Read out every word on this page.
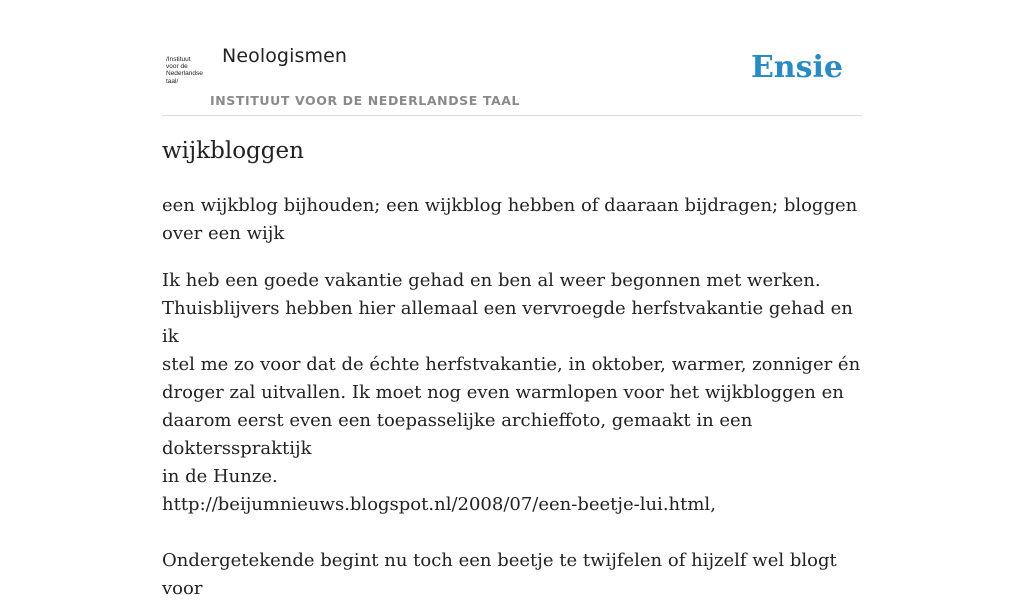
/Instituut
voor de
Nederlandse
taal/
Neologismen
INSTITUUT VOOR DE NEDERLANDSE TAAL
Ensie
wijkbloggen

een wijkblog bijhouden; een wijkblog hebben of daaraan bijdragen; bloggen over een wijk

Ik heb een goede vakantie gehad en ben al weer begonnen met werken.
Thuisblijvers hebben hier allemaal een vervroegde herfstvakantie gehad en ik
stel me zo voor dat de échte herfstvakantie, in oktober, warmer, zonniger én
droger zal uitvallen. Ik moet nog even warmlopen voor het wijkbloggen en
daarom eerst even een toepasselijke archieffoto, gemaakt in een doktersspraktijk
in de Hunze.
http://beijumnieuws.blogspot.nl/2008/07/een-beetje-lui.html,
Ondergetekende begint nu toch een beetje te twijfelen of hijzelf wel blogt voor
